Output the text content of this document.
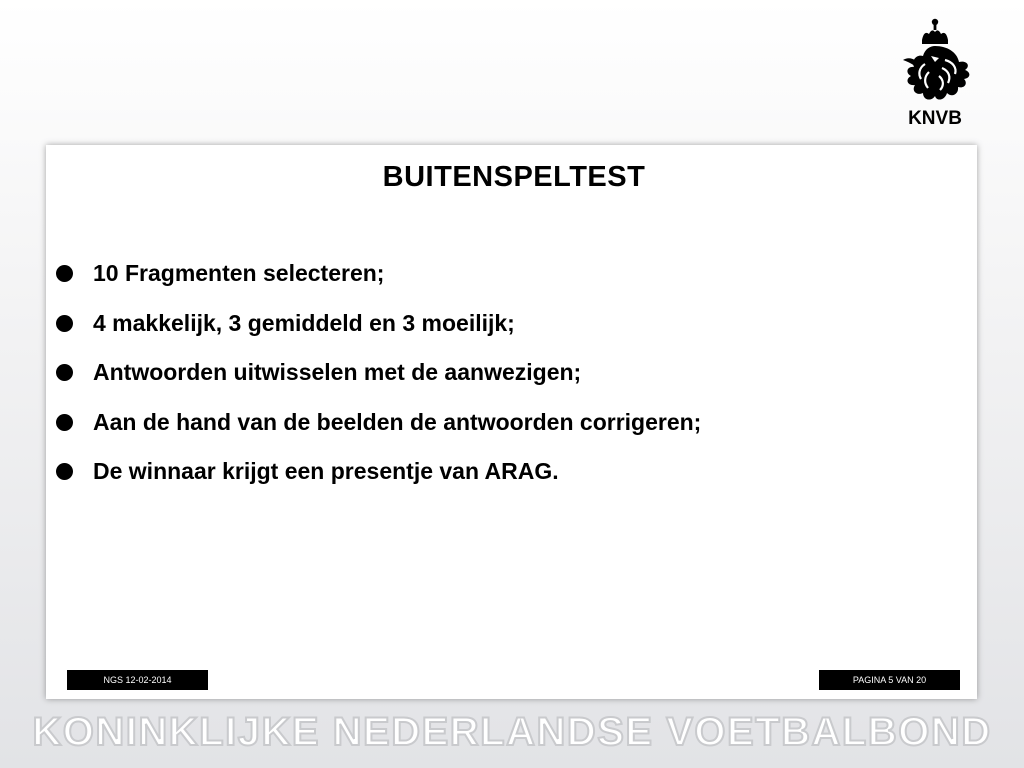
KNVB
BUITENSPELTEST
10 Fragmenten selecteren;
4 makkelijk, 3 gemiddeld en 3 moeilijk;
Antwoorden uitwisselen met de aanwezigen;
Aan de hand van de beelden de antwoorden corrigeren;
De winnaar krijgt een presentje van ARAG.
NGS 12-02-2014	PAGINA 5 VAN 20
KONINKLIJKE NEDERLANDSE VOETBALBOND
